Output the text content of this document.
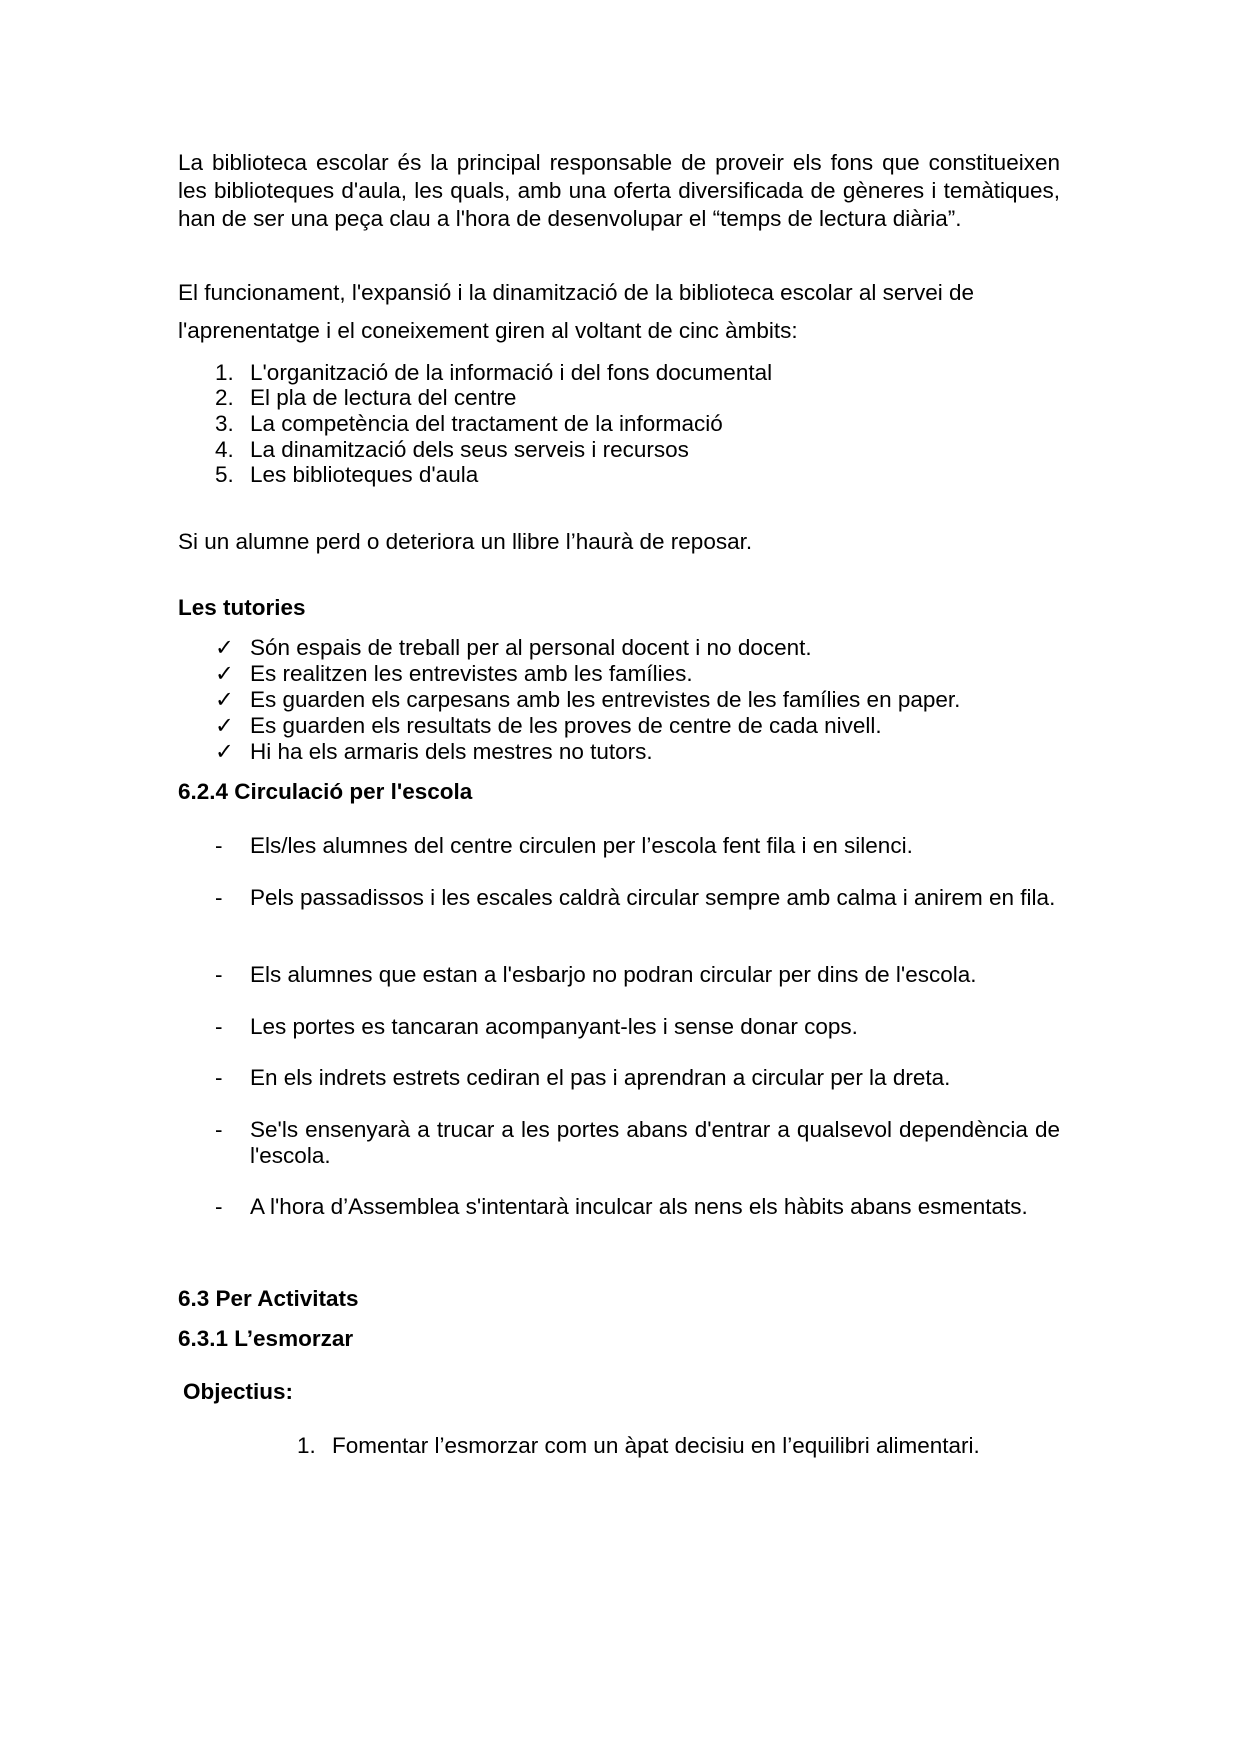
La biblioteca escolar és la principal responsable de proveir els fons que constitueixen les biblioteques d'aula, les quals, amb una oferta diversificada de gèneres i temàtiques, han de ser una peça clau a l'hora de desenvolupar el “temps de lectura diària”.
El funcionament, l'expansió i la dinamització de la biblioteca escolar al servei de
l'aprenentatge i el coneixement giren al voltant de cinc àmbits:
1. L'organització de la informació i del fons documental
2. El pla de lectura del centre
3. La competència del tractament de la informació
4. La dinamització dels seus serveis i recursos
5. Les biblioteques d'aula
Si un alumne perd o deteriora un llibre l’haurà de reposar.
Les tutories
✓ Són espais de treball per al personal docent i no docent.
✓ Es realitzen les entrevistes amb les famílies.
✓ Es guarden els carpesans amb les entrevistes de les famílies en paper.
✓ Es guarden els resultats de les proves de centre de cada nivell.
✓ Hi ha els armaris dels mestres no tutors.
6.2.4 Circulació per l'escola
- Els/les alumnes del centre circulen per l’escola fent fila i en silenci.
- Pels passadissos i les escales caldrà circular sempre amb calma i anirem en fila.
- Els alumnes que estan a l'esbarjo no podran circular per dins de l'escola.
- Les portes es tancaran acompanyant-les i sense donar cops.
- En els indrets estrets cediran el pas i aprendran a circular per la dreta.
- Se'ls ensenyarà a trucar a les portes abans d'entrar a qualsevol dependència de l'escola.
- A l'hora d’Assemblea s'intentarà inculcar als nens els hàbits abans esmentats.
6.3 Per Activitats
6.3.1 L’esmorzar
Objectius:
1. Fomentar l’esmorzar com un àpat decisiu en l’equilibri alimentari.
